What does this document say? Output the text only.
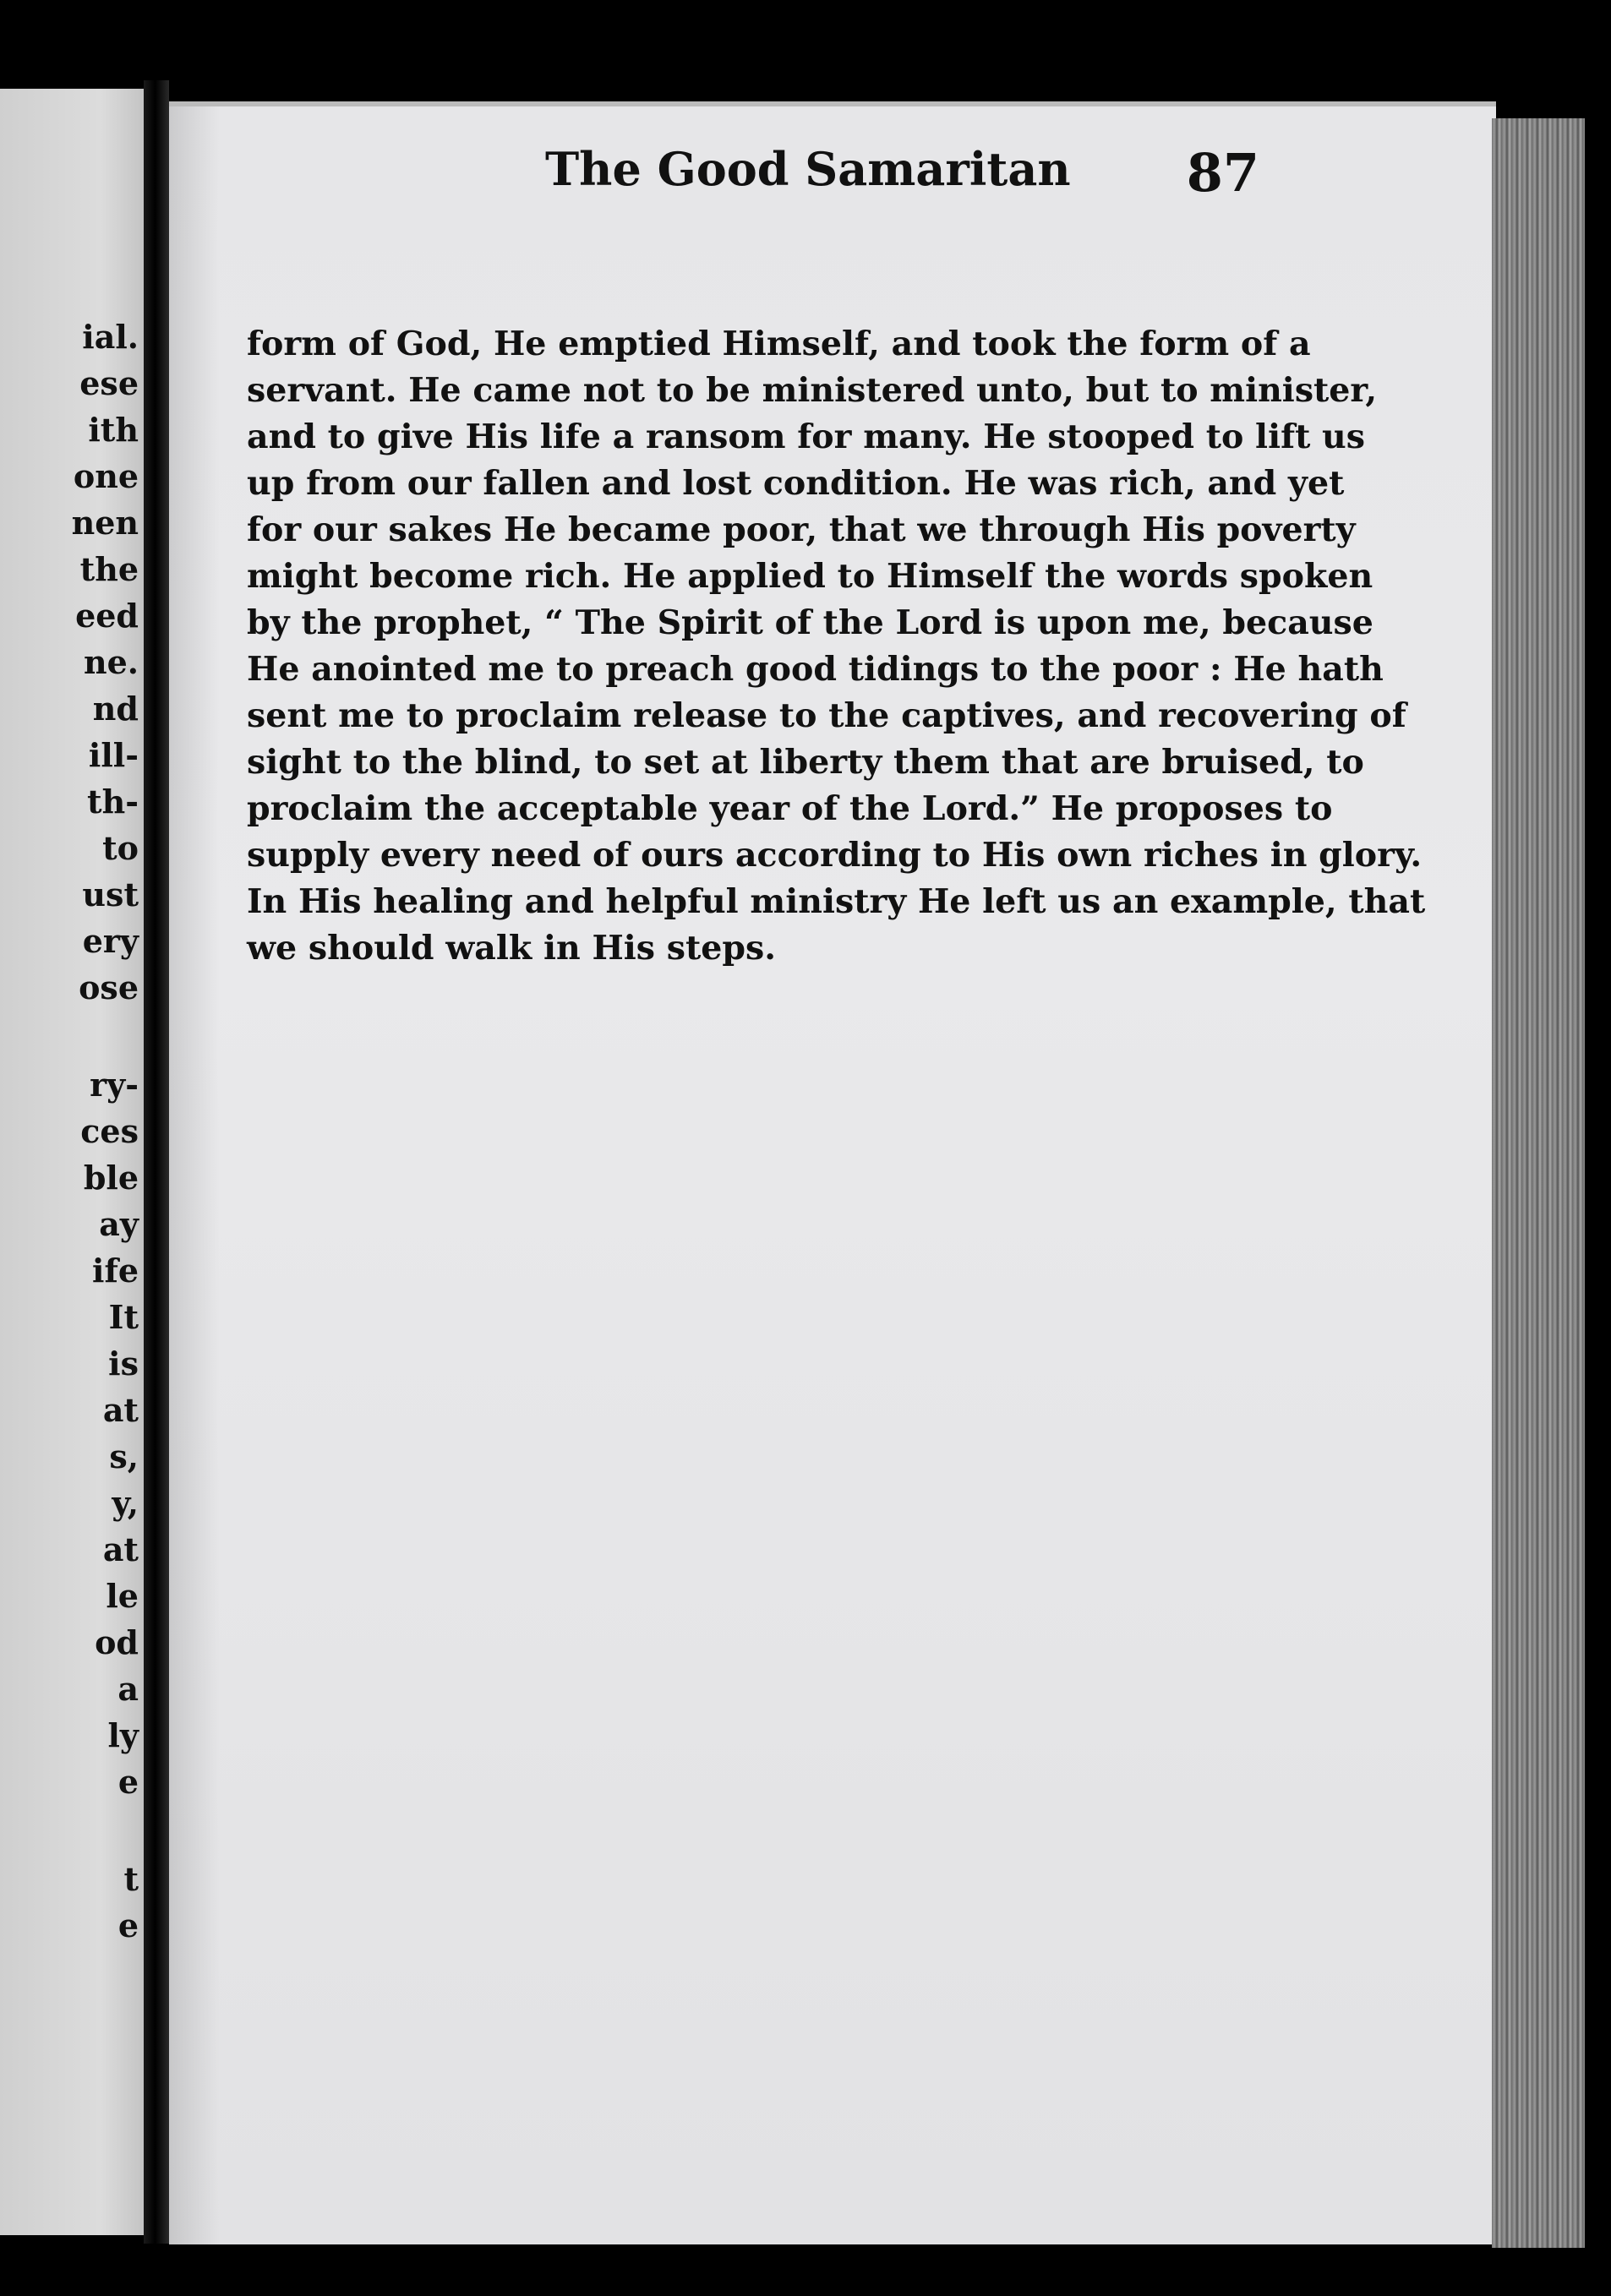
ial.
ese
ith
one
nen
the
eed
ne.
nd
ill-
th-
to
ust
ery
ose
ry-
ces
ble
ay
ife
It
is
at
s,
y,
at
le
od
a
ly
e
t
e
The Good Samaritan 87
form of God, He emptied Himself, and took the form of a
servant. He came not to be ministered unto, but to minister,
and to give His life a ransom for many. He stooped to lift us
up from our fallen and lost condition. He was rich, and yet
for our sakes He became poor, that we through His poverty
might become rich. He applied to Himself the words spoken
by the prophet, “ The Spirit of the Lord is upon me, because
He anointed me to preach good tidings to the poor : He hath
sent me to proclaim release to the captives, and recovering of
sight to the blind, to set at liberty them that are bruised, to
proclaim the acceptable year of the Lord.” He proposes to
supply every need of ours according to His own riches in glory.
In His healing and helpful ministry He left us an example, that
we should walk in His steps.
